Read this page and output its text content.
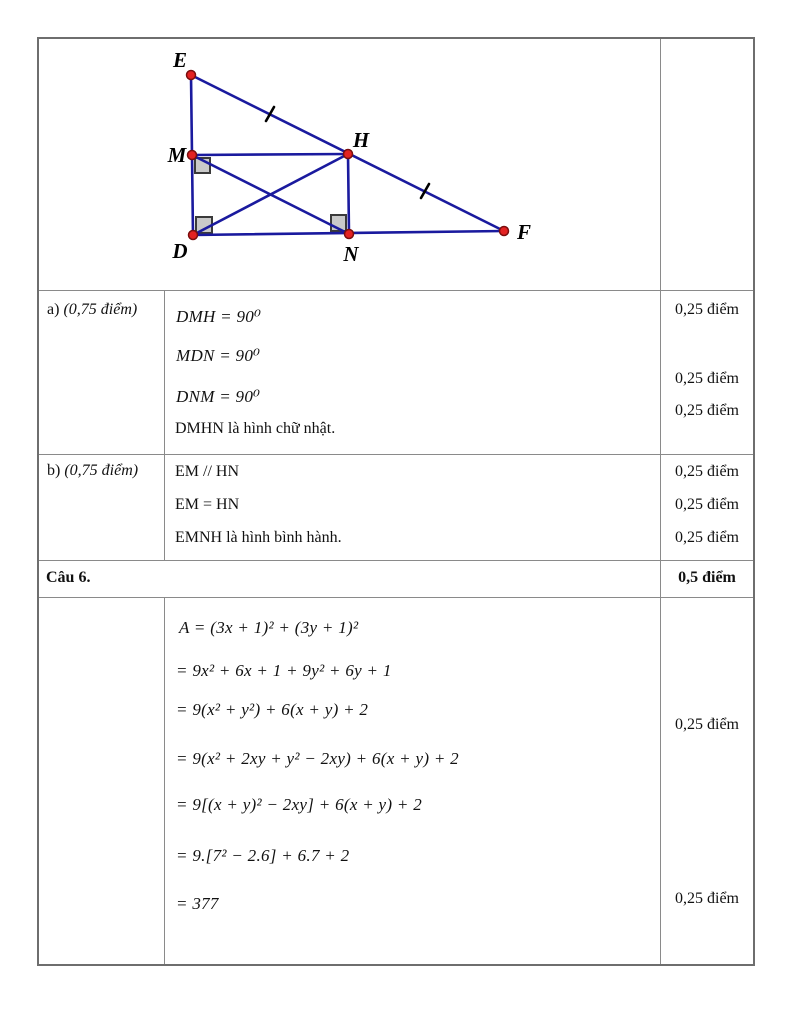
E
M
D
H
N
F
a) (0,75 điểm) DMH = 90⁰
MDN = 90⁰
DNM = 90⁰
DMHN là hình chữ nhật.
0,25 điểm
0,25 điểm
0,25 điểm
b) (0,75 điểm) EM // HN
EM = HN
EMNH là hình bình hành.
0,25 điểm
0,25 điểm
0,25 điểm
Câu 6.	0,5 điểm
A = (3x + 1)² + (3y + 1)²
= 9x² + 6x + 1 + 9y² + 6y + 1
= 9(x² + y²) + 6(x + y) + 2
= 9(x² + 2xy + y² − 2xy) + 6(x + y) + 2
= 9[(x + y)² − 2xy] + 6(x + y) + 2
= 9.[7² − 2.6] + 6.7 + 2
= 377
0,25 điểm
0,25 điểm
